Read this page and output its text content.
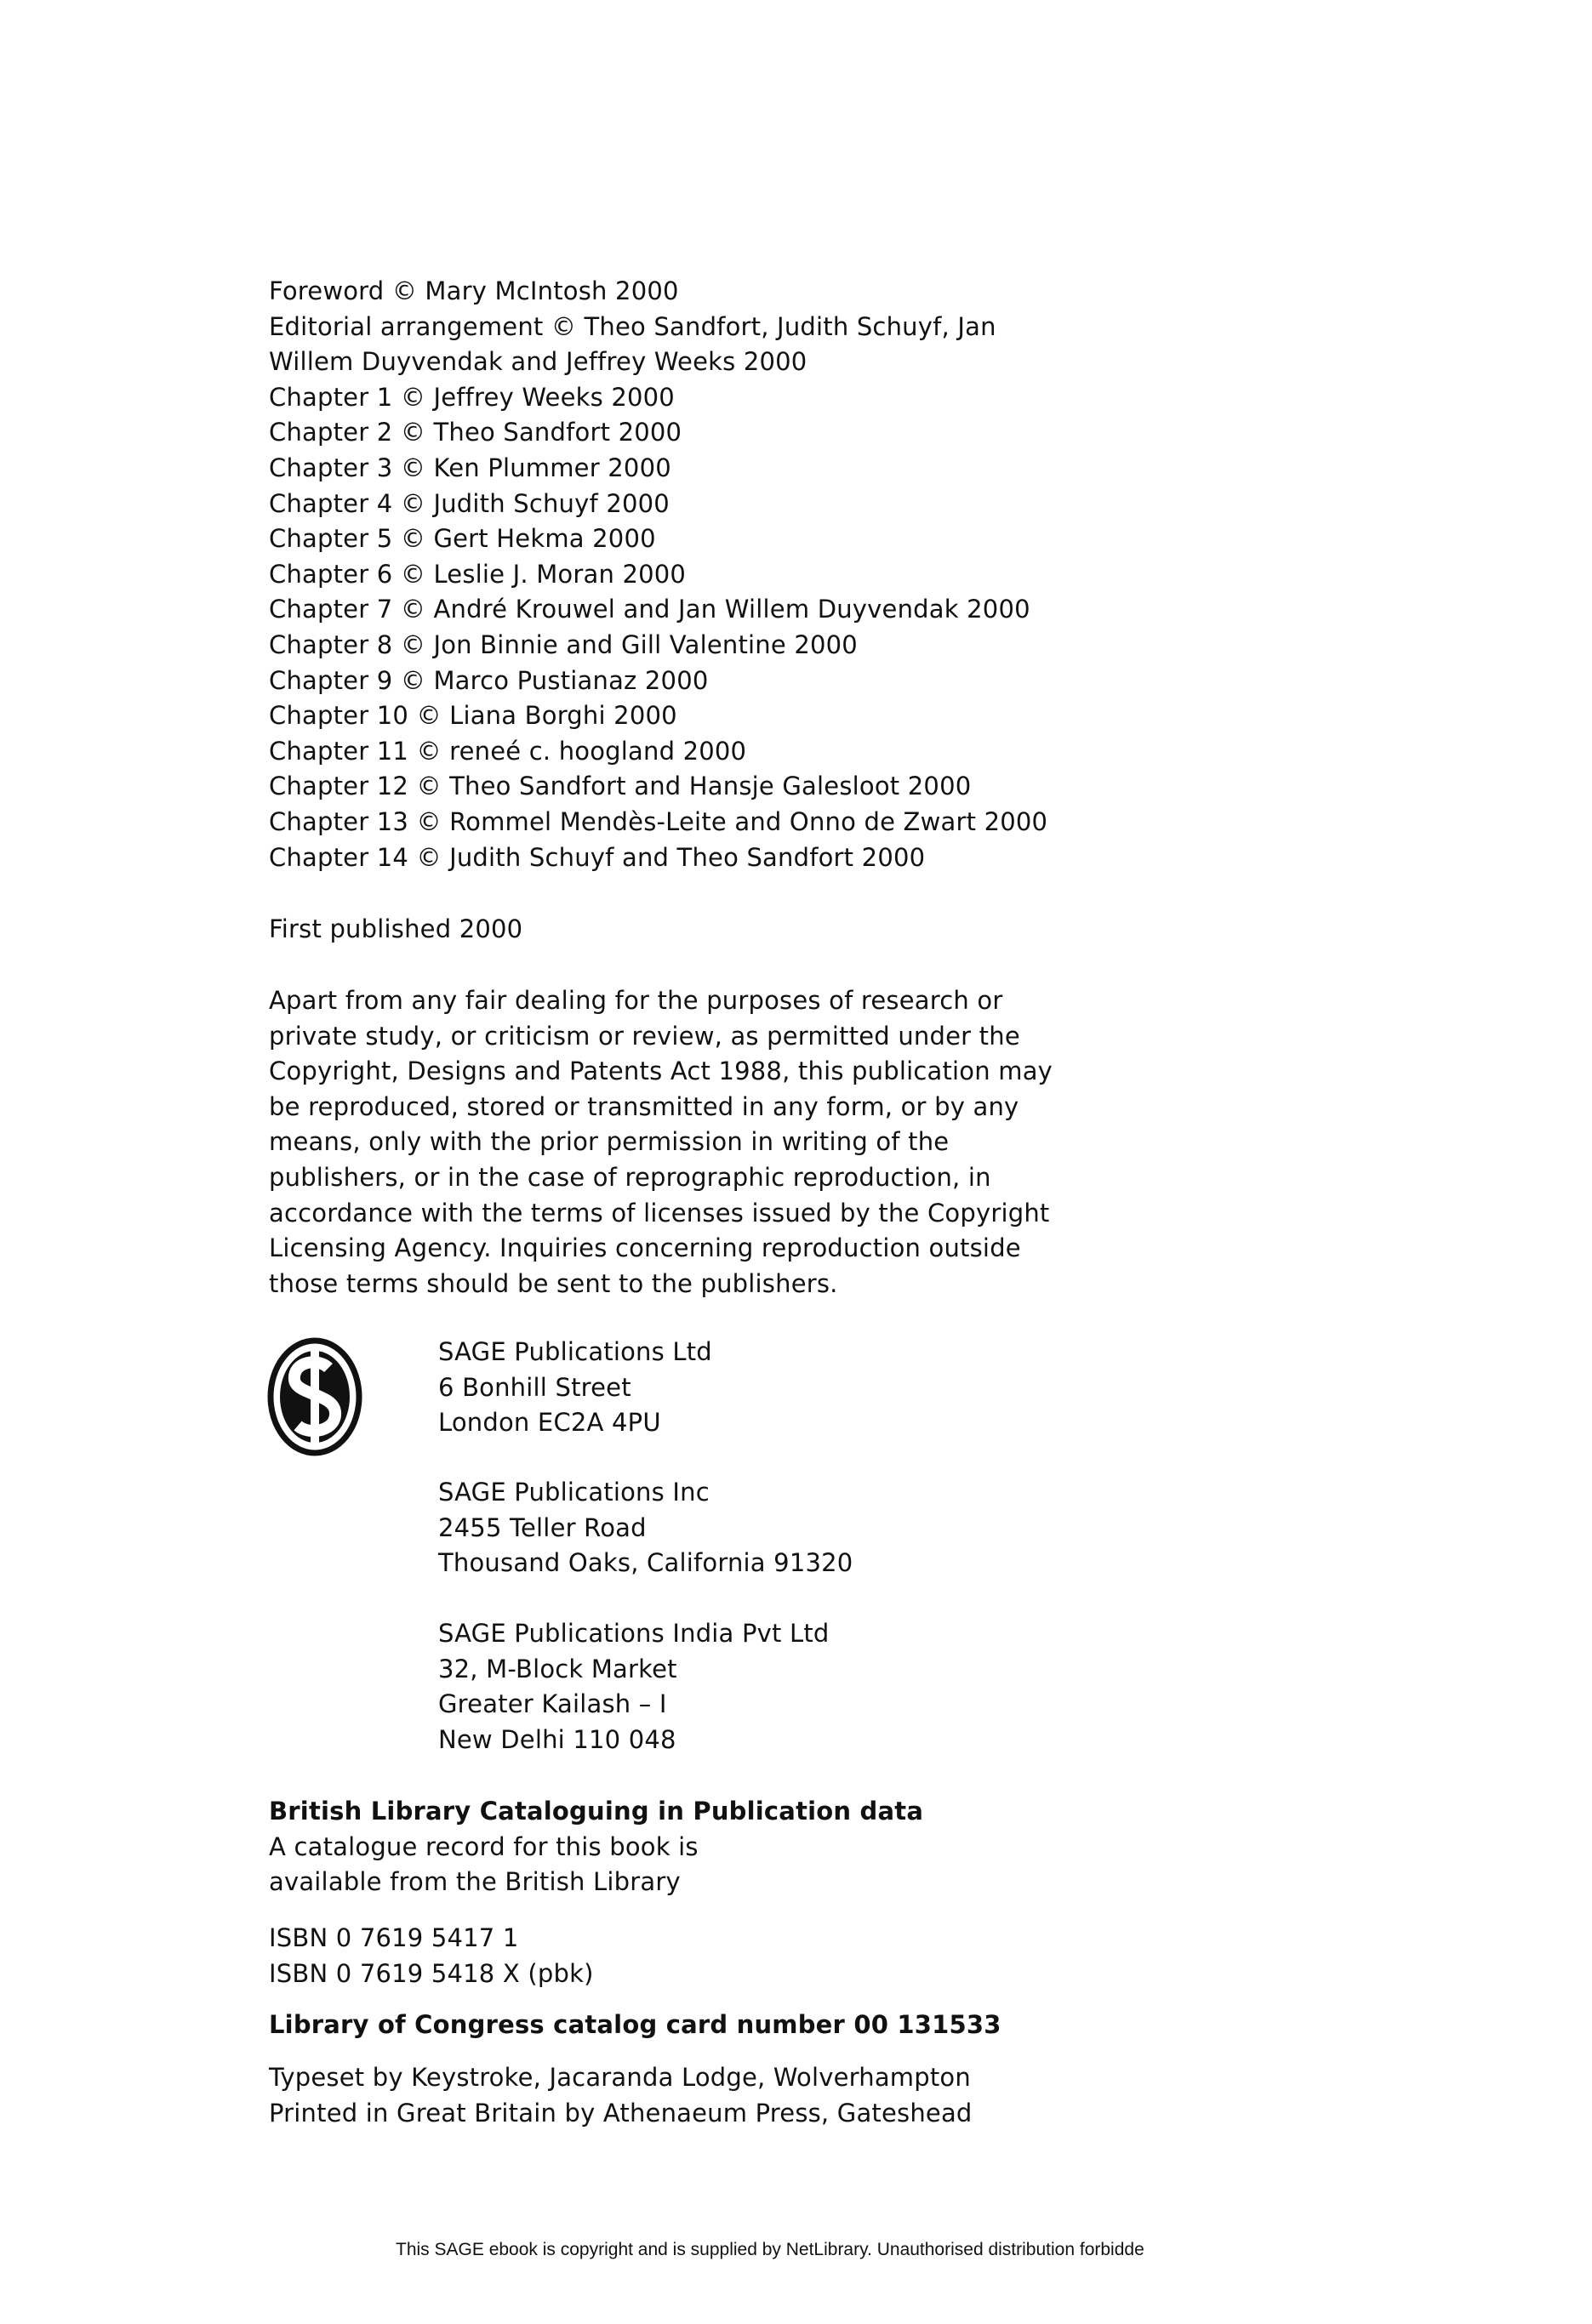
Foreword © Mary McIntosh 2000
Editorial arrangement © Theo Sandfort, Judith Schuyf, Jan
Willem Duyvendak and Jeffrey Weeks 2000
Chapter 1 © Jeffrey Weeks 2000
Chapter 2 © Theo Sandfort 2000
Chapter 3 © Ken Plummer 2000
Chapter 4 © Judith Schuyf 2000
Chapter 5 © Gert Hekma 2000
Chapter 6 © Leslie J. Moran 2000
Chapter 7 © André Krouwel and Jan Willem Duyvendak 2000
Chapter 8 © Jon Binnie and Gill Valentine 2000
Chapter 9 © Marco Pustianaz 2000
Chapter 10 © Liana Borghi 2000
Chapter 11 © reneé c. hoogland 2000
Chapter 12 © Theo Sandfort and Hansje Galesloot 2000
Chapter 13 © Rommel Mendès-Leite and Onno de Zwart 2000
Chapter 14 © Judith Schuyf and Theo Sandfort 2000
First published 2000
Apart from any fair dealing for the purposes of research or
private study, or criticism or review, as permitted under the
Copyright, Designs and Patents Act 1988, this publication may
be reproduced, stored or transmitted in any form, or by any
means, only with the prior permission in writing of the
publishers, or in the case of reprographic reproduction, in
accordance with the terms of licenses issued by the Copyright
Licensing Agency. Inquiries concerning reproduction outside
those terms should be sent to the publishers.
SAGE Publications Ltd
6 Bonhill Street
London EC2A 4PU
SAGE Publications Inc
2455 Teller Road
Thousand Oaks, California 91320
SAGE Publications India Pvt Ltd
32, M-Block Market
Greater Kailash – I
New Delhi 110 048
British Library Cataloguing in Publication data
A catalogue record for this book is
available from the British Library
ISBN 0 7619 5417 1
ISBN 0 7619 5418 X (pbk)
Library of Congress catalog card number 00 131533
Typeset by Keystroke, Jacaranda Lodge, Wolverhampton
Printed in Great Britain by Athenaeum Press, Gateshead
This SAGE ebook is copyright and is supplied by NetLibrary. Unauthorised distribution forbidde
